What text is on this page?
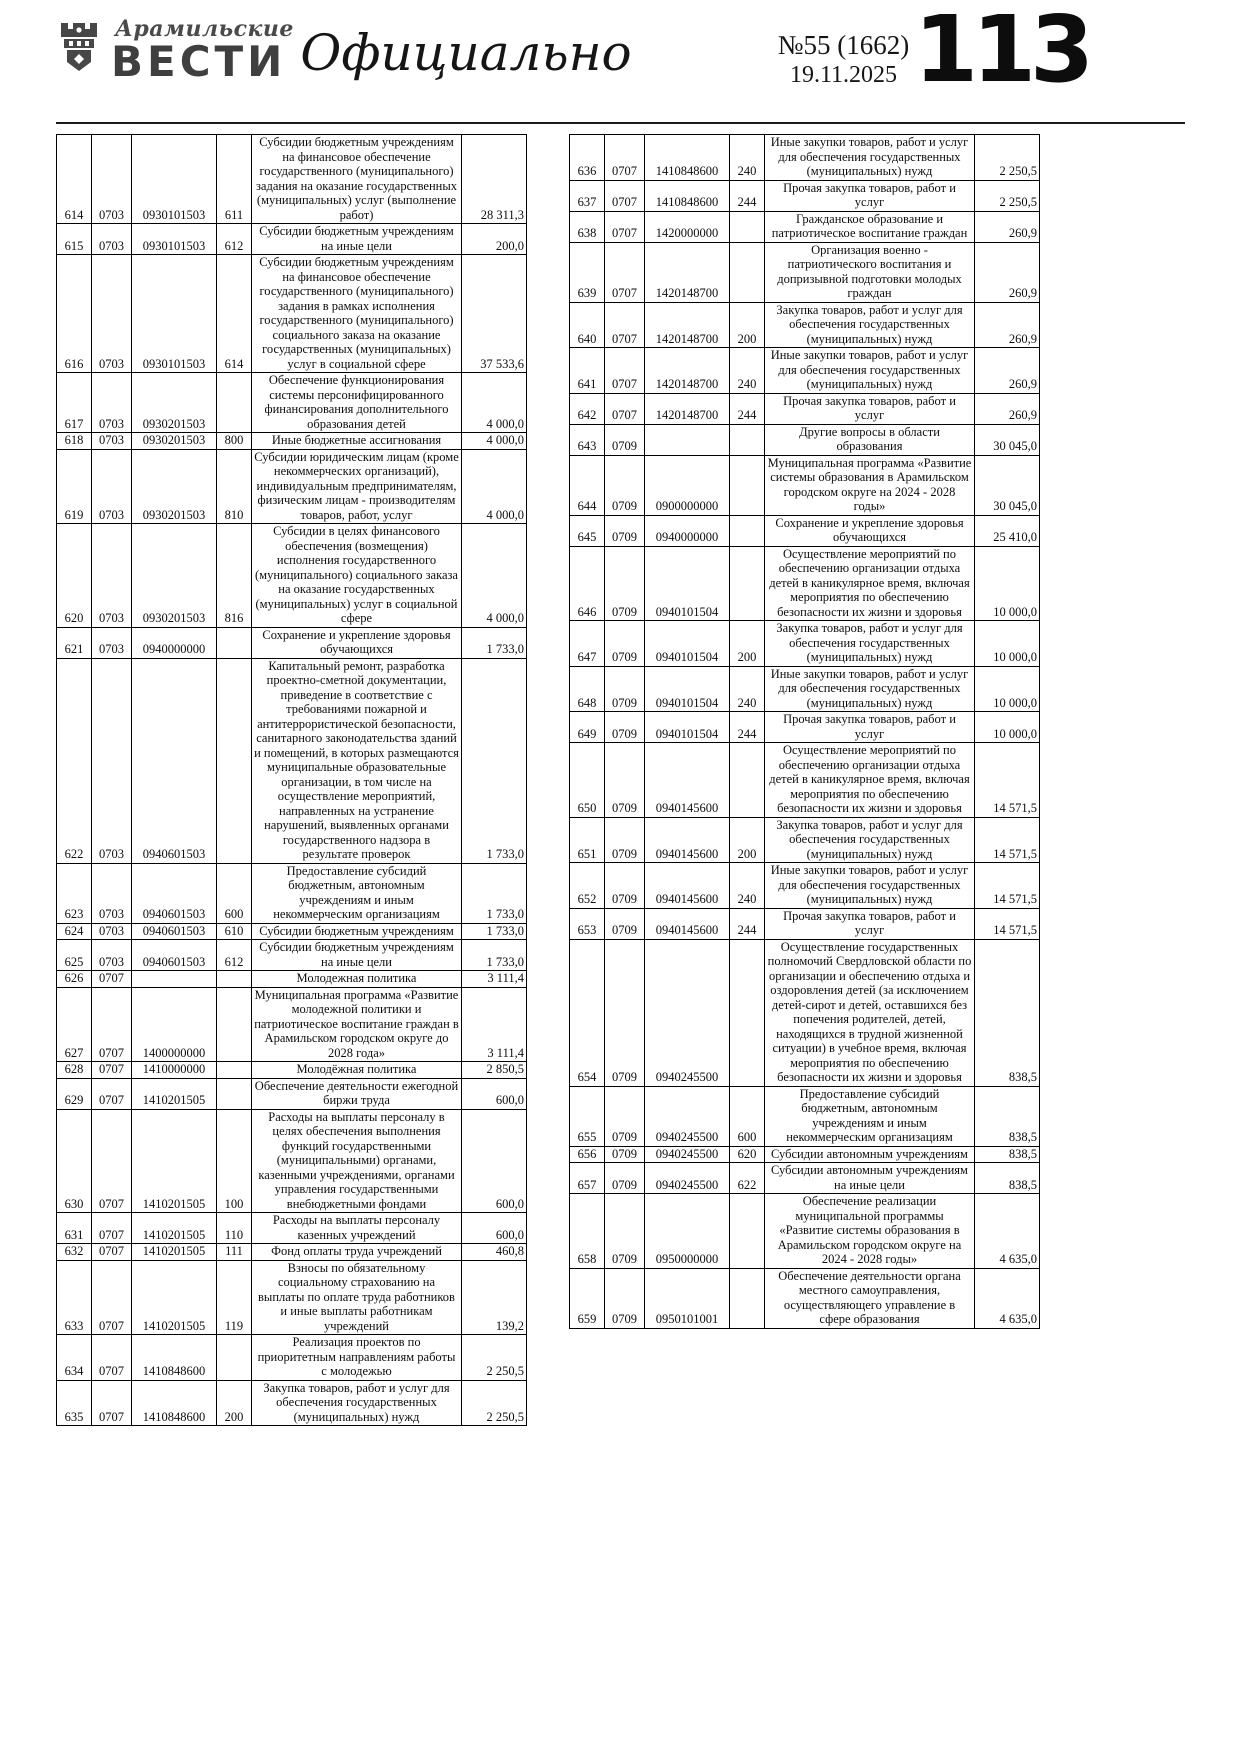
Арамильские
ВЕСТИ Официально	№55 (1662)
19.11.2025 113
614	0703	0930101503	611	Субсидии бюджетным учреждениям на финансовое обеспечение государственного (муниципального) задания на оказание государственных (муниципальных) услуг (выполнение работ)	28 311,3
615	0703	0930101503	612	Субсидии бюджетным учреждениям на иные цели	200,0
616	0703	0930101503	614	Субсидии бюджетным учреждениям на финансовое обеспечение государственного (муниципального) задания в рамках исполнения государственного (муниципального) социального заказа на оказание государственных (муниципальных) услуг в социальной сфере	37 533,6
617	0703	0930201503		Обеспечение функционирования системы персонифицированного финансирования дополнительного образования детей	4 000,0
618	0703	0930201503	800	Иные бюджетные ассигнования	4 000,0
619	0703	0930201503	810	Субсидии юридическим лицам (кроме некоммерческих организаций), индивидуальным предпринимателям, физическим лицам - производителям товаров, работ, услуг	4 000,0
620	0703	0930201503	816	Субсидии в целях финансового обеспечения (возмещения) исполнения государственного (муниципального) социального заказа на оказание государственных (муниципальных) услуг в социальной сфере	4 000,0
621	0703	0940000000		Сохранение и укрепление здоровья обучающихся	1 733,0
622	0703	0940601503		Капитальный ремонт, разработка проектно-сметной документации, приведение в соответствие с требованиями пожарной и антитеррористической безопасности, санитарного законодательства зданий и помещений, в которых размещаются муниципальные образовательные организации, в том числе на осуществление мероприятий, направленных на устранение нарушений, выявленных органами государственного надзора в результате проверок	1 733,0
623	0703	0940601503	600	Предоставление субсидий бюджетным, автономным учреждениям и иным некоммерческим организациям	1 733,0
624	0703	0940601503	610	Субсидии бюджетным учреждениям	1 733,0
625	0703	0940601503	612	Субсидии бюджетным учреждениям на иные цели	1 733,0
626	0707			Молодежная политика	3 111,4
627	0707	1400000000		Муниципальная программа «Развитие молодежной политики и патриотическое воспитание граждан в Арамильском городском округе до 2028 года»	3 111,4
628	0707	1410000000		Молодёжная политика	2 850,5
629	0707	1410201505		Обеспечение деятельности ежегодной биржи труда	600,0
630	0707	1410201505	100	Расходы на выплаты персоналу в целях обеспечения выполнения функций государственными (муниципальными) органами, казенными учреждениями, органами управления государственными внебюджетными фондами	600,0
631	0707	1410201505	110	Расходы на выплаты персоналу казенных учреждений	600,0
632	0707	1410201505	111	Фонд оплаты труда учреждений	460,8
633	0707	1410201505	119	Взносы по обязательному социальному страхованию на выплаты по оплате труда работников и иные выплаты работникам учреждений	139,2
634	0707	1410848600		Реализация проектов по приоритетным направлениям работы с молодежью	2 250,5
635	0707	1410848600	200	Закупка товаров, работ и услуг для обеспечения государственных (муниципальных) нужд	2 250,5
636	0707	1410848600	240	Иные закупки товаров, работ и услуг для обеспечения государственных (муниципальных) нужд	2 250,5
637	0707	1410848600	244	Прочая закупка товаров, работ и услуг	2 250,5
638	0707	1420000000		Гражданское образование и патриотическое воспитание граждан	260,9
639	0707	1420148700		Организация военно - патриотического воспитания и допризывной подготовки молодых граждан	260,9
640	0707	1420148700	200	Закупка товаров, работ и услуг для обеспечения государственных (муниципальных) нужд	260,9
641	0707	1420148700	240	Иные закупки товаров, работ и услуг для обеспечения государственных (муниципальных) нужд	260,9
642	0707	1420148700	244	Прочая закупка товаров, работ и услуг	260,9
643	0709			Другие вопросы в области образования	30 045,0
644	0709	0900000000		Муниципальная программа «Развитие системы образования в Арамильском городском округе на 2024 - 2028 годы»	30 045,0
645	0709	0940000000		Сохранение и укрепление здоровья обучающихся	25 410,0
646	0709	0940101504		Осуществление мероприятий по обеспечению организации отдыха детей в каникулярное время, включая мероприятия по обеспечению безопасности их жизни и здоровья	10 000,0
647	0709	0940101504	200	Закупка товаров, работ и услуг для обеспечения государственных (муниципальных) нужд	10 000,0
648	0709	0940101504	240	Иные закупки товаров, работ и услуг для обеспечения государственных (муниципальных) нужд	10 000,0
649	0709	0940101504	244	Прочая закупка товаров, работ и услуг	10 000,0
650	0709	0940145600		Осуществление мероприятий по обеспечению организации отдыха детей в каникулярное время, включая мероприятия по обеспечению безопасности их жизни и здоровья	14 571,5
651	0709	0940145600	200	Закупка товаров, работ и услуг для обеспечения государственных (муниципальных) нужд	14 571,5
652	0709	0940145600	240	Иные закупки товаров, работ и услуг для обеспечения государственных (муниципальных) нужд	14 571,5
653	0709	0940145600	244	Прочая закупка товаров, работ и услуг	14 571,5
654	0709	0940245500		Осуществление государственных полномочий Свердловской области по организации и обеспечению отдыха и оздоровления детей (за исключением детей-сирот и детей, оставшихся без попечения родителей, детей, находящихся в трудной жизненной ситуации) в учебное время, включая мероприятия по обеспечению безопасности их жизни и здоровья	838,5
655	0709	0940245500	600	Предоставление субсидий бюджетным, автономным учреждениям и иным некоммерческим организациям	838,5
656	0709	0940245500	620	Субсидии автономным учреждениям	838,5
657	0709	0940245500	622	Субсидии автономным учреждениям на иные цели	838,5
658	0709	0950000000		Обеспечение реализации муниципальной программы «Развитие системы образования в Арамильском городском округе на 2024 - 2028 годы»	4 635,0
659	0709	0950101001		Обеспечение деятельности органа местного самоуправления, осуществляющего управление в сфере образования	4 635,0
